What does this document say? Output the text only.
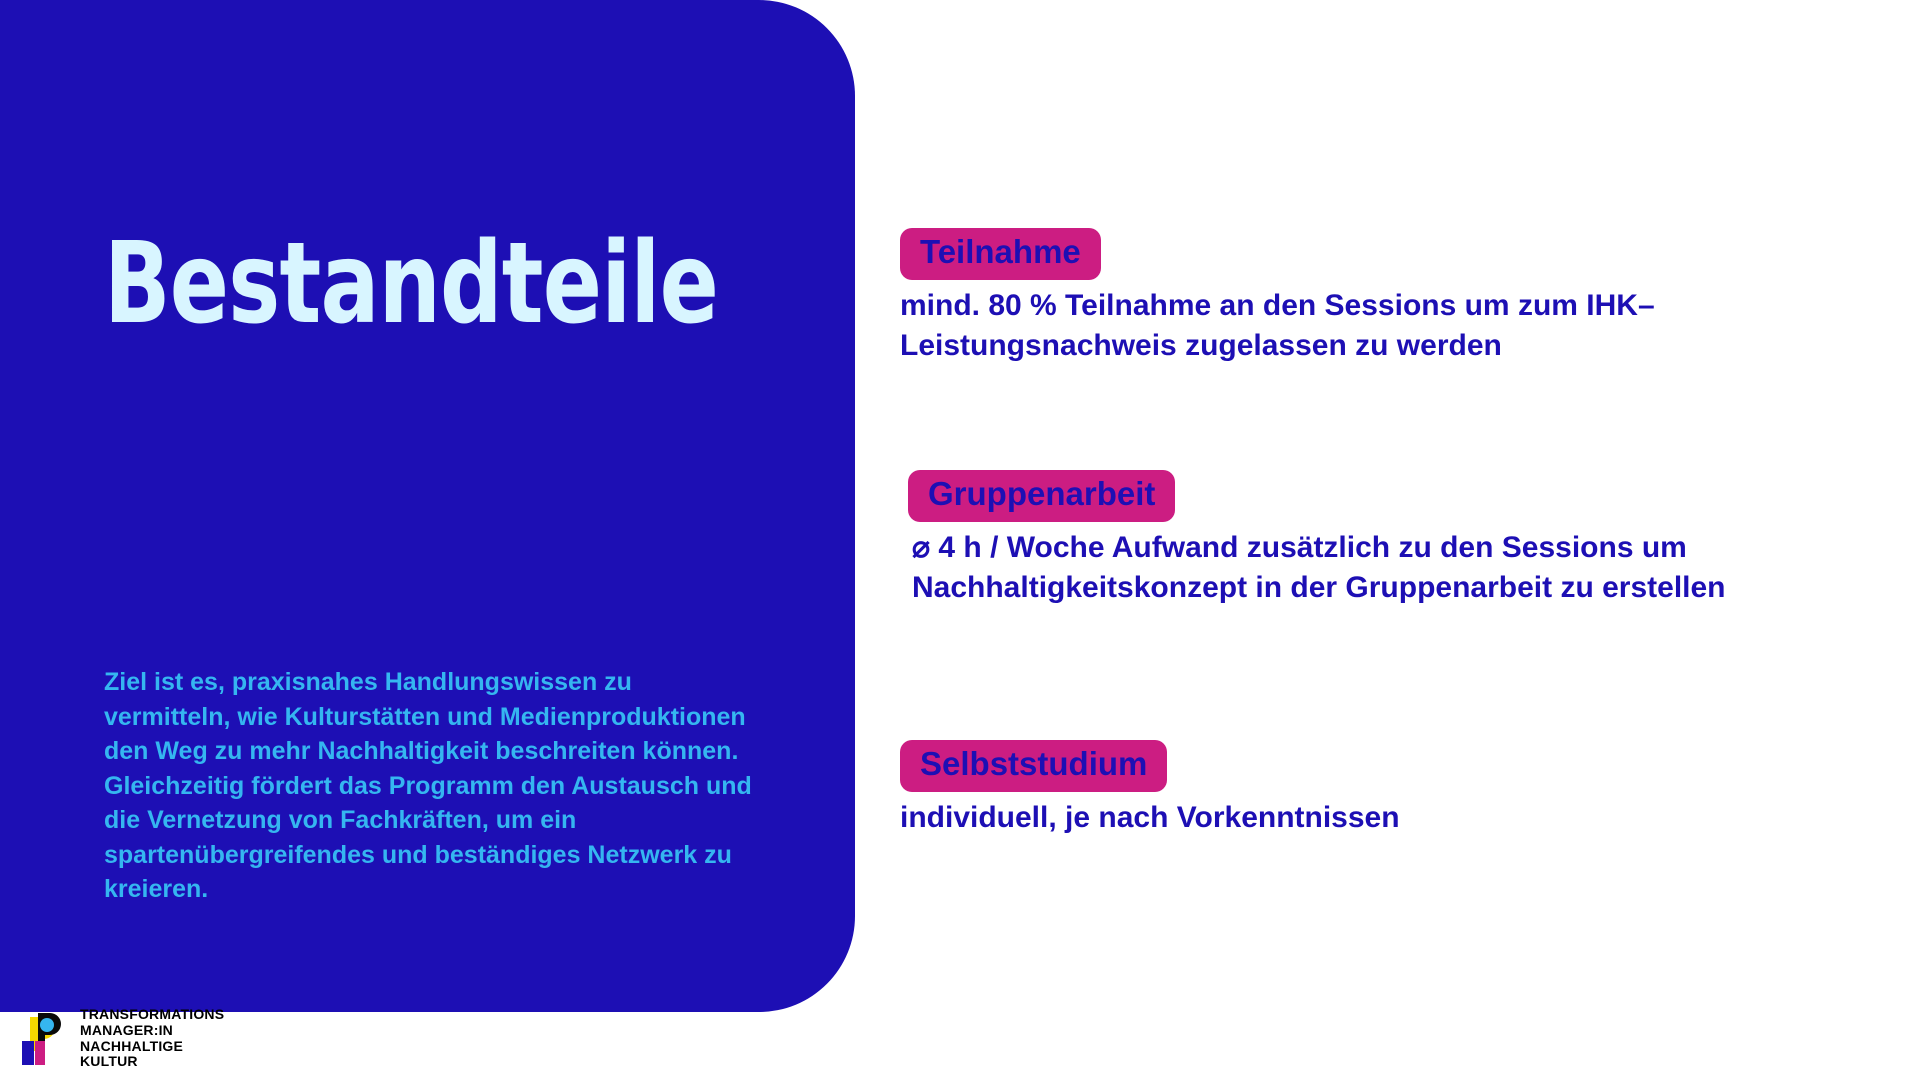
Bestandteile
Ziel ist es, praxisnahes Handlungswissen zu vermitteln, wie Kulturstätten und Medienproduktionen den Weg zu mehr Nachhaltigkeit beschreiten können. Gleichzeitig fördert das Programm den Austausch und die Vernetzung von Fachkräften, um ein spartenübergreifendes und beständiges Netzwerk zu kreieren.
Teilnahme
mind. 80 % Teilnahme an den Sessions um zum IHK–Leistungsnachweis zugelassen zu werden
Gruppenarbeit
⌀ 4 h / Woche Aufwand zusätzlich zu den Sessions um Nachhaltigkeitskonzept in der Gruppenarbeit zu erstellen
Selbststudium
individuell, je nach Vorkenntnissen
TRANSFORMATIONS
MANAGER:IN
NACHHALTIGE
KULTUR
